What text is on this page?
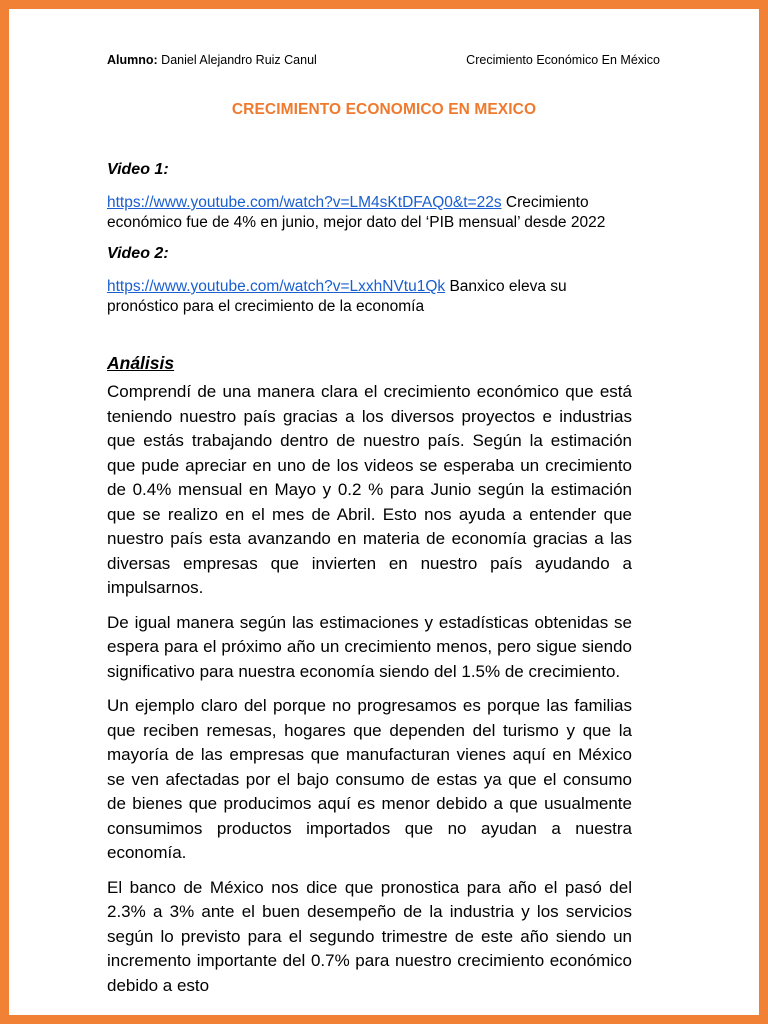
Alumno: Daniel Alejandro Ruiz Canul	Crecimiento Económico En México
CRECIMIENTO ECONOMICO EN MEXICO
Video 1:
https://www.youtube.com/watch?v=LM4sKtDFAQ0&t=22s Crecimiento económico fue de 4% en junio, mejor dato del ‘PIB mensual’ desde 2022
Video 2:
https://www.youtube.com/watch?v=LxxhNVtu1Qk Banxico eleva su pronóstico para el crecimiento de la economía
Análisis

Comprendí de una manera clara el crecimiento económico que está teniendo nuestro país gracias a los diversos proyectos e industrias que estás trabajando dentro de nuestro país. Según la estimación que pude apreciar en uno de los videos se esperaba un crecimiento de 0.4% mensual en Mayo y 0.2 % para Junio según la estimación que se realizo en el mes de Abril. Esto nos ayuda a entender que nuestro país esta avanzando en materia de economía gracias a las diversas empresas que invierten en nuestro país ayudando a impulsarnos.

De igual manera según las estimaciones y estadísticas obtenidas se espera para el próximo año un crecimiento menos, pero sigue siendo significativo para nuestra economía siendo del 1.5% de crecimiento.

Un ejemplo claro del porque no progresamos es porque las familias que reciben remesas, hogares que dependen del turismo y que la mayoría de las empresas que manufacturan vienes aquí en México se ven afectadas por el bajo consumo de estas ya que el consumo de bienes que producimos aquí es menor debido a que usualmente consumimos productos importados que no ayudan a nuestra economía.

El banco de México nos dice que pronostica para año el pasó del 2.3% a 3% ante el buen desempeño de la industria y los servicios según lo previsto para el segundo trimestre de este año siendo un incremento importante del 0.7% para nuestro crecimiento económico debido a esto
